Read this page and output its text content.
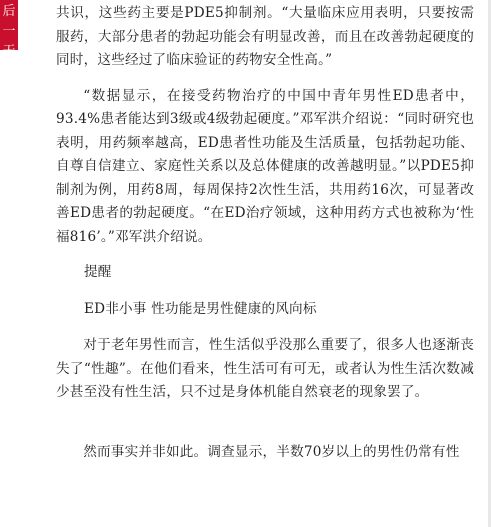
后
一天

共识，这些药主要是PDE5抑制剂。“大量临床应用表明，只要按需服药，大部分患者的勃起功能会有明显改善，而且在改善勃起硬度的同时，这些经过了临床验证的药物安全性高。”

“数据显示，在接受药物治疗的中国中青年男性ED患者中，93.4%患者能达到3级或4级勃起硬度。”邓军洪介绍说：“同时研究也表明，用药频率越高，ED患者性功能及生活质量，包括勃起功能、自尊自信建立、家庭性关系以及总体健康的改善越明显。”以PDE5抑制剂为例，用药8周，每周保持2次性生活，共用药16次，可显著改善ED患者的勃起硬度。“在ED治疗领域，这种用药方式也被称为‘性福816’。”邓军洪介绍说。

提醒

ED非小事 性功能是男性健康的风向标

对于老年男性而言，性生活似乎没那么重要了，很多人也逐渐丧失了“性趣”。在他们看来，性生活可有可无，或者认为性生活次数减少甚至没有性生活，只不过是身体机能自然衰老的现象罢了。

然而事实并非如此。调查显示，半数70岁以上的男性仍常有性
